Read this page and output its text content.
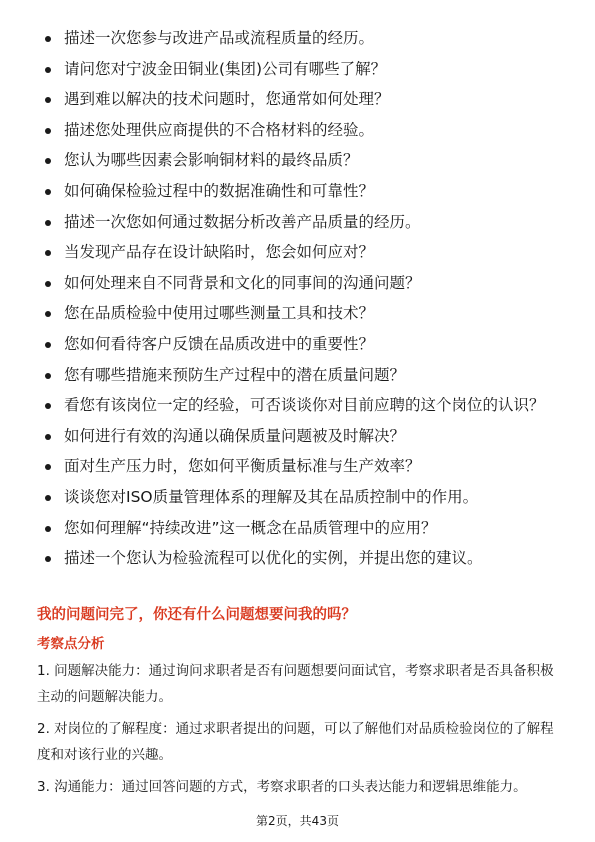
描述一次您参与改进产品或流程质量的经历。
请问您对宁波金田铜业(集团)公司有哪些了解？
遇到难以解决的技术问题时，您通常如何处理？
描述您处理供应商提供的不合格材料的经验。
您认为哪些因素会影响铜材料的最终品质？
如何确保检验过程中的数据准确性和可靠性？
描述一次您如何通过数据分析改善产品质量的经历。
当发现产品存在设计缺陷时，您会如何应对？
如何处理来自不同背景和文化的同事间的沟通问题？
您在品质检验中使用过哪些测量工具和技术？
您如何看待客户反馈在品质改进中的重要性？
您有哪些措施来预防生产过程中的潜在质量问题？
看您有该岗位一定的经验，可否谈谈你对目前应聘的这个岗位的认识？
如何进行有效的沟通以确保质量问题被及时解决？
面对生产压力时，您如何平衡质量标准与生产效率？
谈谈您对ISO质量管理体系的理解及其在品质控制中的作用。
您如何理解“持续改进”这一概念在品质管理中的应用？
描述一个您认为检验流程可以优化的实例，并提出您的建议。
我的问题问完了，你还有什么问题想要问我的吗？
考察点分析

1. 问题解决能力：通过询问求职者是否有问题想要问面试官，考察求职者是否具备积极主动的问题解决能力。

2. 对岗位的了解程度：通过求职者提出的问题，可以了解他们对品质检验岗位的了解程度和对该行业的兴趣。

3. 沟通能力：通过回答问题的方式，考察求职者的口头表达能力和逻辑思维能力。

第2页，共43页
